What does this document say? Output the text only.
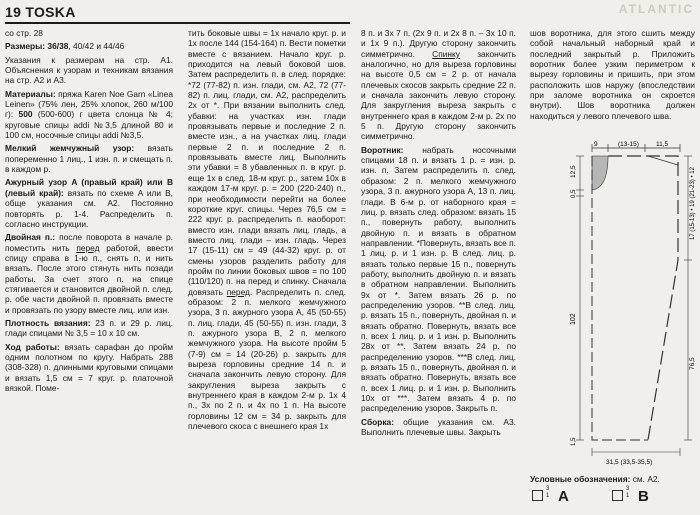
19 TOSKA	ATLANTIC

со стр. 28

Размеры: 36/38, 40/42 и 44/46

Указания к размерам на стр. А1. Объяснения к узорам и техникам вязания на стр. А2 и А3.

Материалы: пряжа Karen Noe Garn «Linea Leinen» (75% лен, 25% хлопок, 260 м/100 г): 500 (500-600) г цвета слонца № 4; круговые спицы addi №3,5 длиной 80 и 100 см, носочные спицы addi №3,5.

Мелкий жемчужный узор: вязать попеременно 1 лиц., 1 изн. п. и смещать п. в каждом р.

Ажурный узор A (правый край) или B (левый край): вязать по схеме A или B, обще указания см. A2. Постоянно повторять р. 1-4. Распределить п. согласно инструкции.

Двойная п.: после поворота в начале р. поместить нить перед работой, ввести спицу справа в 1-ю п., снять п. и нить вязать. После этого стянуть нить позади работы. За счет этого п. на спице стягивается и становится двойной п. след. р. обе части двойной п. провязать вместе и провязать по узору вместе лиц. или изн.

Плотность вязания: 23 п. и 29 р. лиц. глади спицами № 3,5 = 10 х 10 см.

Ход работы: вязать сарафан до пройм одним полотном по кругу. Набрать 288 (308-328) п. длинными круговыми спицами и вязать 1,5 см = 7 круг. р. платочной вязкой. Поме-

тить боковые швы = 1х начало круг. р. и 1х после 144 (154-164) п. Вести пометки вместе с вязанием. Начало круг. р. приходится на левый боковой шов. Затем распределить п. в след. порядке: *72 (77-82) п. изн. глади, см. A2, 72 (77-82) п. лиц. глади, см. A2, распределить 2х от *. При вязании выполнить след. убавки: на участках изн. глади провязывать первые и последние 2 п. вместе изн., а на участках лиц. глади первые 2 п. и последние 2 п. провязывать вместе лиц. Выполнить эти убавки = 8 убавленных п. в круг. р. еще 1х в след. 18-м круг. р., затем 10х в каждом 17-м круг. р. = 200 (220-240) п., при необходимости перейти на более короткие круг. спицы. Через 76,5 см = 222 круг. р. распределить п. наоборот: вместо изн. глади вязать лиц. гладь, а вместо лиц. глади – изн. гладь. Через 17 (15-11) см = 49 (44-32) круг. р. от смены узоров разделить работу для пройм по линии боковых швов = по 100 (110/120) п. на перед и спинку. Сначала довязать перед. Распределить п. след. образом: 2 п. мелкого жемчужного узора, 3 п. ажурного узора A, 45 (50-55) п. лиц. глади, 45 (50-55) п. изн. глади, 3 п. ажурного узора B, 2 п. мелкого жемчужного узора. На высоте пройм 5 (7-9) см = 14 (20-26) р. закрыть для выреза горловины средние 14 п. и сначала закончить левую сторону. Для закругления выреза закрыть с внутреннего края в каждом 2-м р. 1х 4 п., 3х по 2 п. и 4х по 1 п. На высоте горловины 12 см = 34 р. закрыть для плечевого скоса с внешнего края 1х

8 п. и 3х 7 п. (2х 9 п. и 2х 8 п. – 3х 10 п. и 1х 9 п.). Другую сторону закончить симметрично. Спинку закончить аналогично, но для выреза горловины на высоте 0,5 см = 2 р. от начала плечевых скосов закрыть средние 22 п. и сначала закончить левую сторону. Для закругления выреза закрыть с внутреннего края в каждом 2-м р. 2х по 5 п. Другую сторону закончить симметрично.

Воротник: набрать носочными спицами 18 п. и вязать 1 р. = изн. р. изн. п. Затем распределить п. след. образом: 2 п. мелкого жемчужного узора, 3 п. ажурного узора A, 13 п. лиц. глади. В 6-м р. от наборного края = лиц. р. вязать след. образом: вязать 15 п., повернуть работу, выполнить двойную п. и вязать в обратном направлении. *Повернуть, вязать все п. 1 лиц. р. и 1 изн. р. В след. лиц. р. вязать только первые 15 п., повернуть работу, выполнить двойную п. и вязать в обратном направлении. Выполнить 9х от *. Затем вязать 26 р. по распределению узоров. **В след. лиц. р. вязать 15 п., повернуть, двойная п. и вязать обратно. Повернуть, вязать все п. всех 1 лиц. р. и 1 изн. р. Выполнить 28х от **. Затем вязать 24 р. по распределению узоров. ***В след. лиц. р. вязать 15 п., повернуть, двойная п. и вязать обратно. Повернуть, вязать все п. всех 1 лиц. р. и 1 изн. р. Выполнить 10х от ***. Затем вязать 4 р. по распределению узоров. Закрыть п.

Сборка: общие указания см. A3. Выполнить плечевые швы. Закрыть

шов воротника, для этого сшить между собой начальный наборный край и последний закрытый р. Приложить воротник более узким периметром к вырезу горловины и пришить, при этом расположить шов наружу (впоследствии при заломе воротника он скроется внутри). Шов воротника должен находиться у левого плечевого шва.

9	(13-15)	11,5
12,5
0,5
102
1,5
17 (15-13) • 19 (21-23) • 12
76,5
31,5 (33,5-35,5)
Условные обозначения: см. A2.
3
1 A	3
1 B
